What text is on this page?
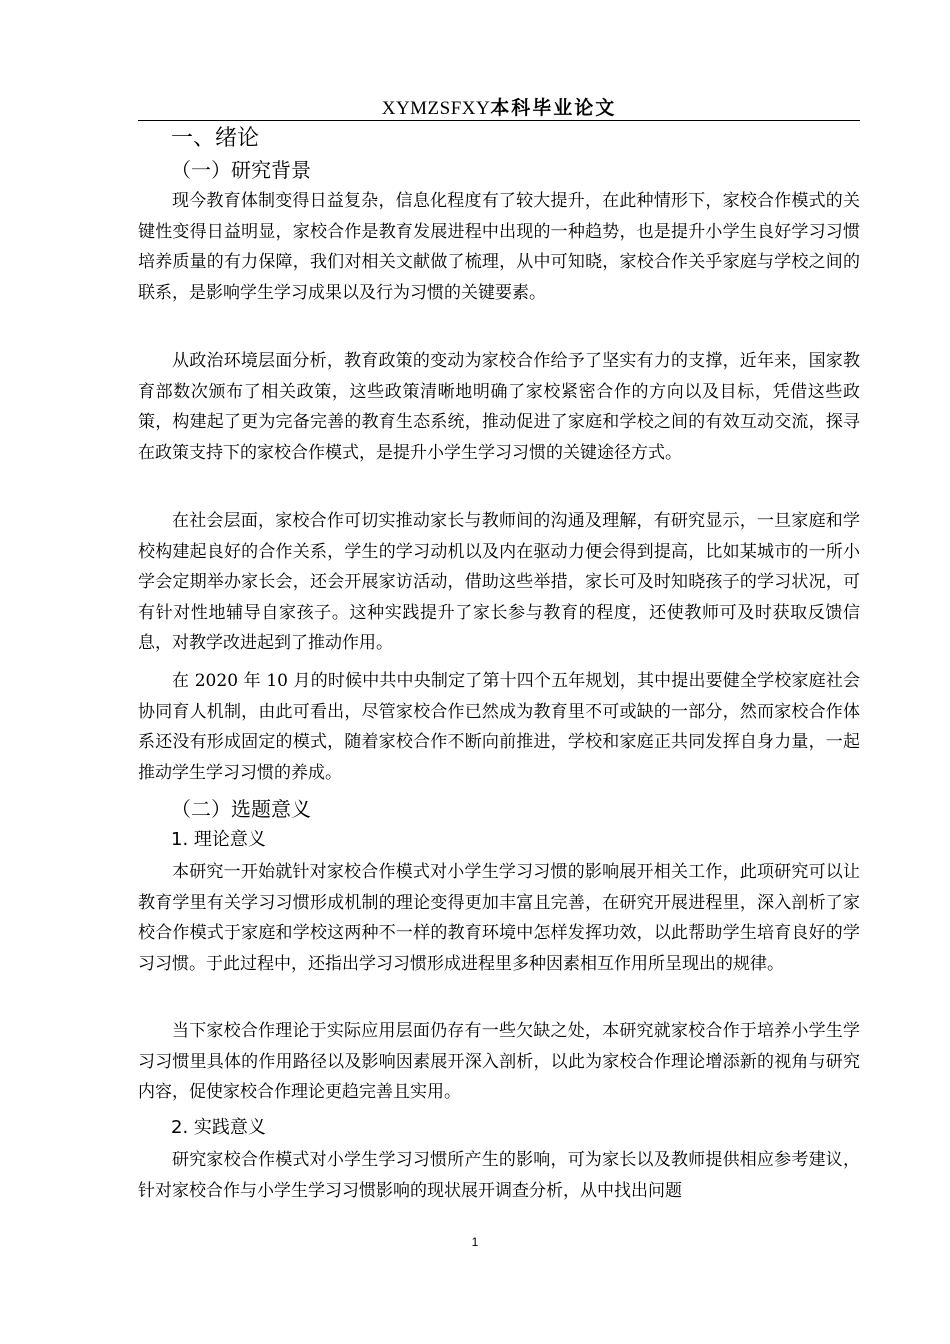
XYMZSFXY本科毕业论文
一、绪论
（一）研究背景

现今教育体制变得日益复杂，信息化程度有了较大提升，在此种情形下，家校合作模式的关键性变得日益明显，家校合作是教育发展进程中出现的一种趋势，也是提升小学生良好学习习惯培养质量的有力保障，我们对相关文献做了梳理，从中可知晓，家校合作关乎家庭与学校之间的联系，是影响学生学习成果以及行为习惯的关键要素。

从政治环境层面分析，教育政策的变动为家校合作给予了坚实有力的支撑，近年来，国家教育部数次颁布了相关政策，这些政策清晰地明确了家校紧密合作的方向以及目标，凭借这些政策，构建起了更为完备完善的教育生态系统，推动促进了家庭和学校之间的有效互动交流，探寻在政策支持下的家校合作模式，是提升小学生学习习惯的关键途径方式。

在社会层面，家校合作可切实推动家长与教师间的沟通及理解，有研究显示，一旦家庭和学校构建起良好的合作关系，学生的学习动机以及内在驱动力便会得到提高，比如某城市的一所小学会定期举办家长会，还会开展家访活动，借助这些举措，家长可及时知晓孩子的学习状况，可有针对性地辅导自家孩子。这种实践提升了家长参与教育的程度，还使教师可及时获取反馈信息，对教学改进起到了推动作用。

在 2020 年 10 月的时候中共中央制定了第十四个五年规划，其中提出要健全学校家庭社会协同育人机制，由此可看出，尽管家校合作已然成为教育里不可或缺的一部分，然而家校合作体系还没有形成固定的模式，随着家校合作不断向前推进，学校和家庭正共同发挥自身力量，一起推动学生学习习惯的养成。

（二）选题意义
1. 理论意义

本研究一开始就针对家校合作模式对小学生学习习惯的影响展开相关工作，此项研究可以让教育学里有关学习习惯形成机制的理论变得更加丰富且完善，在研究开展进程里，深入剖析了家校合作模式于家庭和学校这两种不一样的教育环境中怎样发挥功效，以此帮助学生培育良好的学习习惯。于此过程中，还指出学习习惯形成进程里多种因素相互作用所呈现出的规律。

当下家校合作理论于实际应用层面仍存有一些欠缺之处，本研究就家校合作于培养小学生学习习惯里具体的作用路径以及影响因素展开深入剖析，以此为家校合作理论增添新的视角与研究内容，促使家校合作理论更趋完善且实用。

2. 实践意义

研究家校合作模式对小学生学习习惯所产生的影响，可为家长以及教师提供相应参考建议，针对家校合作与小学生学习习惯影响的现状展开调查分析，从中找出问题

1
